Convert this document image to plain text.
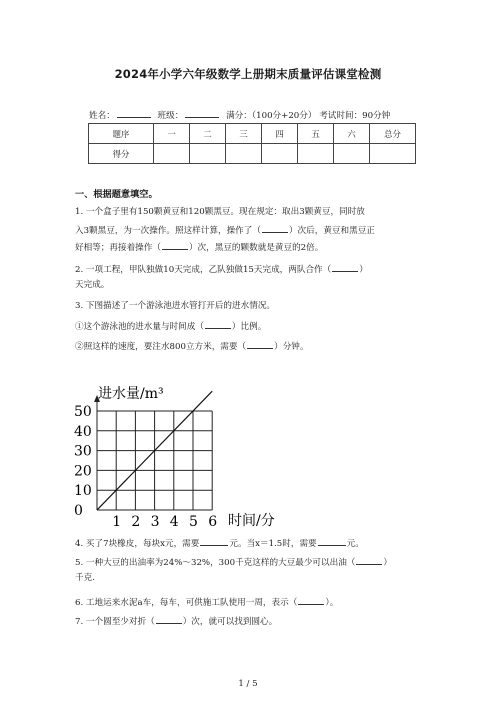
2024年小学六年级数学上册期末质量评估课堂检测
姓名：	班级：	满分：（100分+20分） 考试时间：90分钟
题序	一	二	三	四	五	六	总分
得分							
一、根据题意填空。
1. 一个盒子里有150颗黄豆和120颗黑豆。现在规定：取出3颗黄豆，同时放
入3颗黑豆，为一次操作。照这样计算，操作了（	）次后，黄豆和黑豆正
好相等；再接着操作（	）次，黑豆的颗数就是黄豆的2倍。
2. 一项工程，甲队独做10天完成，乙队独做15天完成，两队合作（	）
天完成。
3. 下图描述了一个游泳池进水管打开后的进水情况。
①这个游泳池的进水量与时间成（	）比例。
②照这样的速度，要注水800立方米，需要（	）分钟。
50
40
30
20
10
0
1 2 3 4 5 6
进水量/m³
时间/分
4. 买了7块橡皮，每块x元，需要	元。当x＝1.5时，需要	元。
5. 一种大豆的出油率为24%～32%，300千克这样的大豆最少可以出油（	）
千克.
6. 工地运来水泥a车，每车，可供施工队使用一周，表示（	）。
7. 一个圆至少对折（	）次，就可以找到圆心。
1 / 5
